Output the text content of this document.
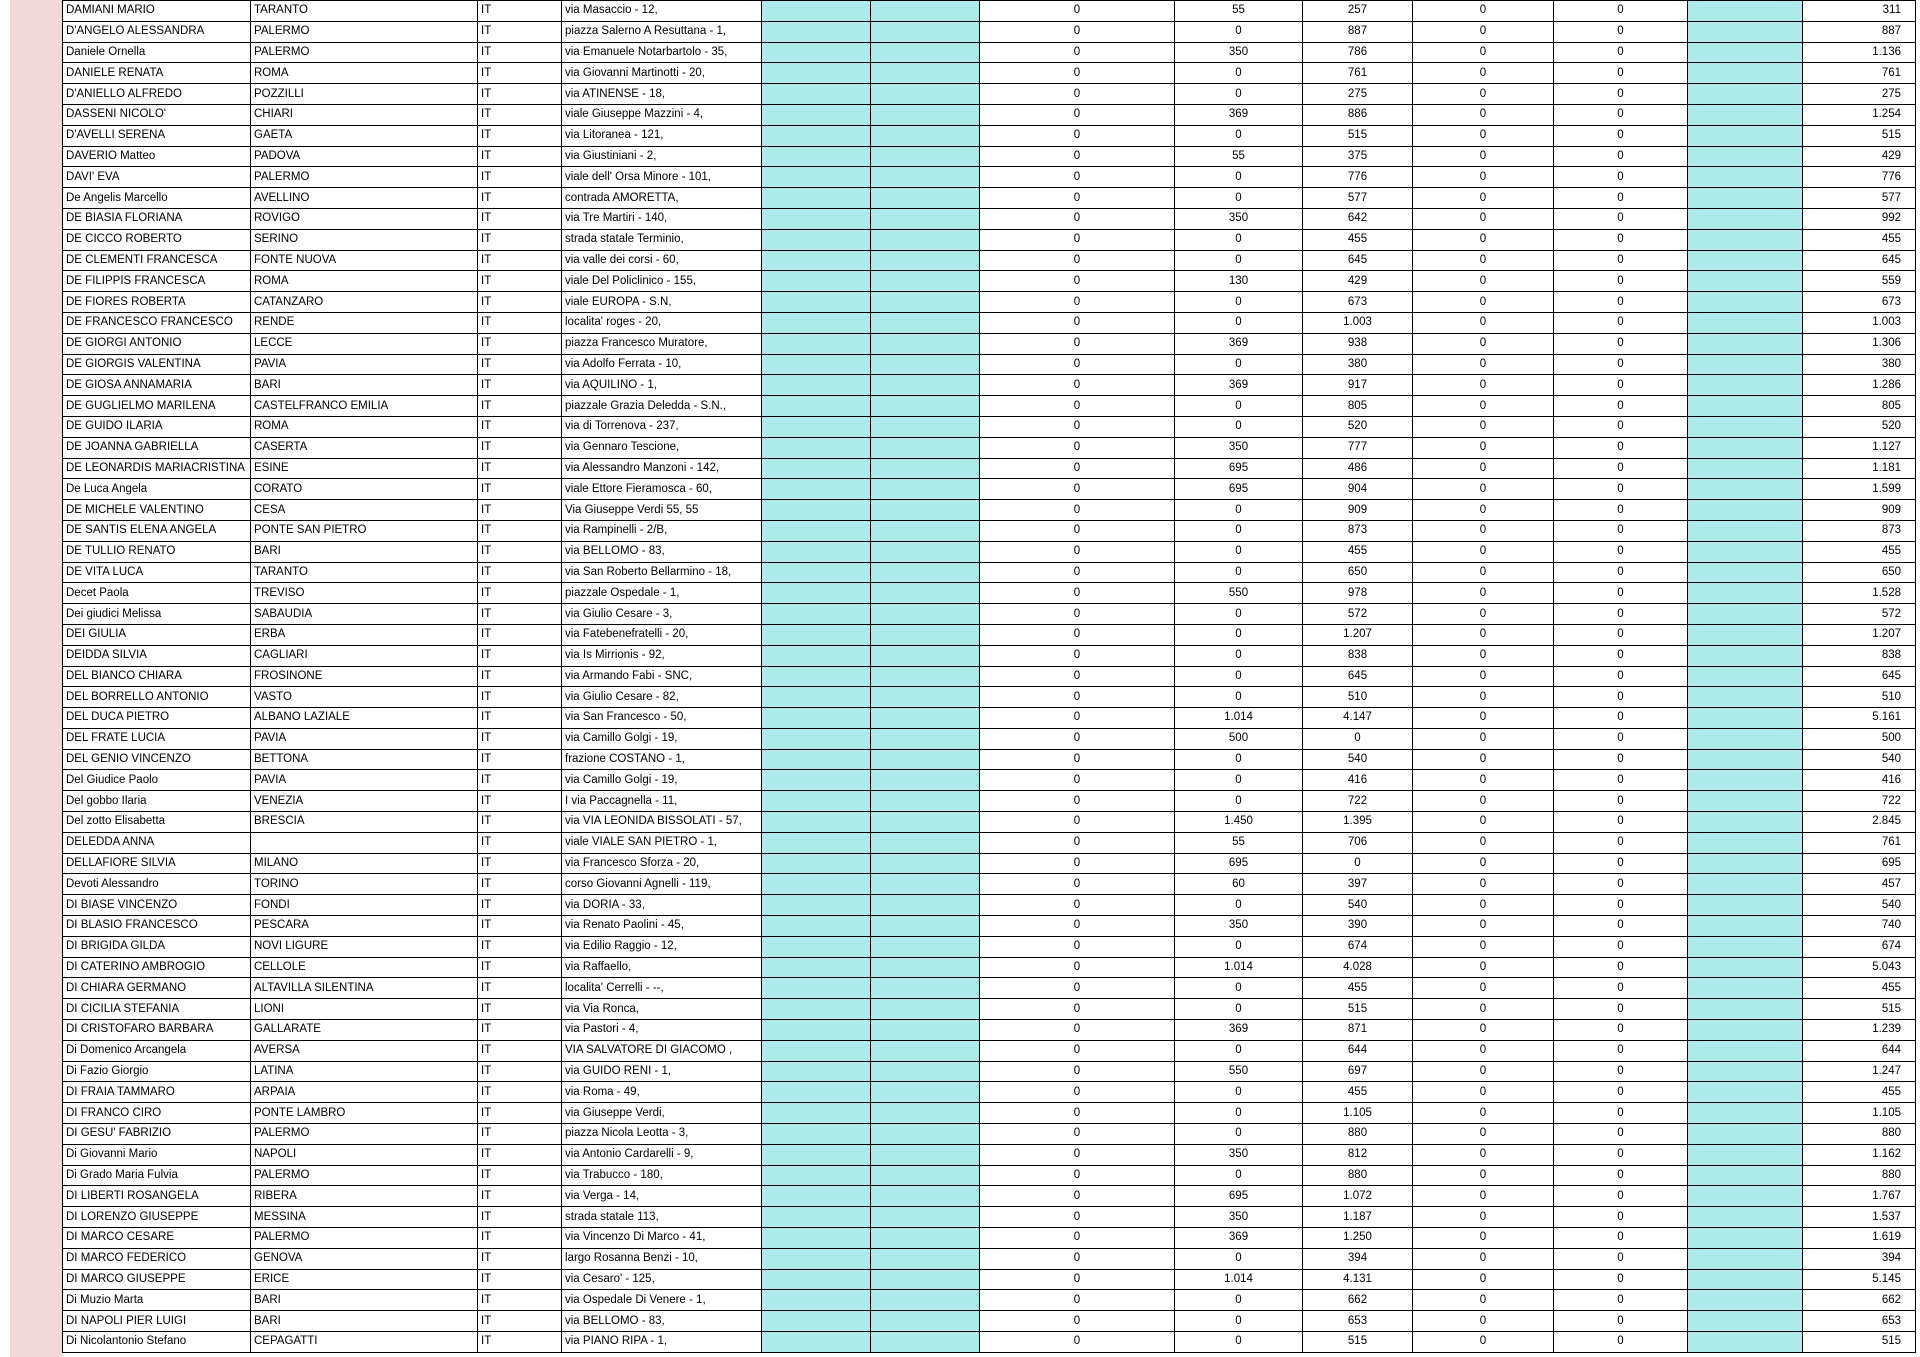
DAMIANI MARIO	TARANTO	IT	via Masaccio - 12,			0	55	257	0	0		311
D'ANGELO ALESSANDRA	PALERMO	IT	piazza Salerno A Resuttana - 1,			0	0	887	0	0		887
Daniele Ornella	PALERMO	IT	via Emanuele Notarbartolo - 35,			0	350	786	0	0		1.136
DANIELE RENATA	ROMA	IT	via Giovanni Martinotti - 20,			0	0	761	0	0		761
D'ANIELLO ALFREDO	POZZILLI	IT	via ATINENSE - 18,			0	0	275	0	0		275
DASSENI NICOLO'	CHIARI	IT	viale Giuseppe Mazzini - 4,			0	369	886	0	0		1.254
D'AVELLI SERENA	GAETA	IT	via Litoranea - 121,			0	0	515	0	0		515
DAVERIO Matteo	PADOVA	IT	via Giustiniani - 2,			0	55	375	0	0		429
DAVI' EVA	PALERMO	IT	viale dell' Orsa Minore - 101,			0	0	776	0	0		776
De Angelis Marcello	AVELLINO	IT	contrada AMORETTA,			0	0	577	0	0		577
DE BIASIA FLORIANA	ROVIGO	IT	via Tre Martiri - 140,			0	350	642	0	0		992
DE CICCO ROBERTO	SERINO	IT	strada statale Terminio,			0	0	455	0	0		455
DE CLEMENTI FRANCESCA	FONTE NUOVA	IT	via valle dei corsi - 60,			0	0	645	0	0		645
DE FILIPPIS FRANCESCA	ROMA	IT	viale Del Policlinico - 155,			0	130	429	0	0		559
DE FIORES ROBERTA	CATANZARO	IT	viale EUROPA - S.N,			0	0	673	0	0		673
DE FRANCESCO FRANCESCO	RENDE	IT	localita' roges - 20,			0	0	1.003	0	0		1.003
DE GIORGI ANTONIO	LECCE	IT	piazza Francesco Muratore,			0	369	938	0	0		1.306
DE GIORGIS VALENTINA	PAVIA	IT	via Adolfo Ferrata - 10,			0	0	380	0	0		380
DE GIOSA ANNAMARIA	BARI	IT	via AQUILINO - 1,			0	369	917	0	0		1.286
DE GUGLIELMO MARILENA	CASTELFRANCO EMILIA	IT	piazzale Grazia Deledda - S.N.,			0	0	805	0	0		805
DE GUIDO ILARIA	ROMA	IT	via di Torrenova - 237,			0	0	520	0	0		520
DE JOANNA GABRIELLA	CASERTA	IT	via Gennaro Tescione,			0	350	777	0	0		1.127
DE LEONARDIS MARIACRISTINA	ESINE	IT	via Alessandro Manzoni - 142,			0	695	486	0	0		1.181
De Luca Angela	CORATO	IT	viale Ettore Fieramosca - 60,			0	695	904	0	0		1.599
DE MICHELE VALENTINO	CESA	IT	Via Giuseppe Verdi 55, 55			0	0	909	0	0		909
DE SANTIS ELENA ANGELA	PONTE SAN PIETRO	IT	via Rampinelli - 2/B,			0	0	873	0	0		873
DE TULLIO RENATO	BARI	IT	via BELLOMO - 83,			0	0	455	0	0		455
DE VITA LUCA	TARANTO	IT	via San Roberto Bellarmino - 18,			0	0	650	0	0		650
Decet Paola	TREVISO	IT	piazzale Ospedale - 1,			0	550	978	0	0		1.528
Dei giudici Melissa	SABAUDIA	IT	via Giulio Cesare - 3,			0	0	572	0	0		572
DEI GIULIA	ERBA	IT	via Fatebenefratelli - 20,			0	0	1.207	0	0		1.207
DEIDDA SILVIA	CAGLIARI	IT	via Is Mirrionis - 92,			0	0	838	0	0		838
DEL BIANCO CHIARA	FROSINONE	IT	via Armando Fabi - SNC,			0	0	645	0	0		645
DEL BORRELLO ANTONIO	VASTO	IT	via Giulio Cesare - 82,			0	0	510	0	0		510
DEL DUCA PIETRO	ALBANO LAZIALE	IT	via San Francesco - 50,			0	1.014	4.147	0	0		5.161
DEL FRATE LUCIA	PAVIA	IT	via Camillo Golgi - 19,			0	500	0	0	0		500
DEL GENIO VINCENZO	BETTONA	IT	frazione COSTANO - 1,			0	0	540	0	0		540
Del Giudice Paolo	PAVIA	IT	via Camillo Golgi - 19,			0	0	416	0	0		416
Del gobbo Ilaria	VENEZIA	IT	I via Paccagnella - 11,			0	0	722	0	0		722
Del zotto Elisabetta	BRESCIA	IT	via VIA LEONIDA BISSOLATI - 57,			0	1.450	1.395	0	0		2.845
DELEDDA ANNA		IT	viale VIALE SAN PIETRO - 1,			0	55	706	0	0		761
DELLAFIORE SILVIA	MILANO	IT	via Francesco Sforza - 20,			0	695	0	0	0		695
Devoti Alessandro	TORINO	IT	corso Giovanni Agnelli - 119,			0	60	397	0	0		457
DI BIASE VINCENZO	FONDI	IT	via DORIA - 33,			0	0	540	0	0		540
DI BLASIO FRANCESCO	PESCARA	IT	via Renato Paolini - 45,			0	350	390	0	0		740
DI BRIGIDA GILDA	NOVI LIGURE	IT	via Edilio Raggio - 12,			0	0	674	0	0		674
DI CATERINO AMBROGIO	CELLOLE	IT	via Raffaello,			0	1.014	4.028	0	0		5.043
DI CHIARA GERMANO	ALTAVILLA SILENTINA	IT	localita' Cerrelli - --,			0	0	455	0	0		455
DI CICILIA STEFANIA	LIONI	IT	via Via Ronca,			0	0	515	0	0		515
DI CRISTOFARO BARBARA	GALLARATE	IT	via Pastori - 4,			0	369	871	0	0		1.239
Di Domenico Arcangela	AVERSA	IT	VIA SALVATORE DI GIACOMO ,			0	0	644	0	0		644
Di Fazio Giorgio	LATINA	IT	via GUIDO RENI - 1,			0	550	697	0	0		1.247
DI FRAIA TAMMARO	ARPAIA	IT	via Roma - 49,			0	0	455	0	0		455
DI FRANCO CIRO	PONTE LAMBRO	IT	via Giuseppe Verdi,			0	0	1.105	0	0		1.105
DI GESU' FABRIZIO	PALERMO	IT	piazza Nicola Leotta - 3,			0	0	880	0	0		880
Di Giovanni Mario	NAPOLI	IT	via Antonio Cardarelli - 9,			0	350	812	0	0		1.162
Di Grado Maria Fulvia	PALERMO	IT	via Trabucco - 180,			0	0	880	0	0		880
DI LIBERTI ROSANGELA	RIBERA	IT	via Verga - 14,			0	695	1.072	0	0		1.767
DI LORENZO GIUSEPPE	MESSINA	IT	strada statale 113,			0	350	1.187	0	0		1.537
DI MARCO CESARE	PALERMO	IT	via Vincenzo Di Marco - 41,			0	369	1.250	0	0		1.619
DI MARCO FEDERICO	GENOVA	IT	largo Rosanna Benzi - 10,			0	0	394	0	0		394
DI MARCO GIUSEPPE	ERICE	IT	via Cesaro' - 125,			0	1.014	4.131	0	0		5.145
Di Muzio Marta	BARI	IT	via Ospedale Di Venere - 1,			0	0	662	0	0		662
DI NAPOLI PIER LUIGI	BARI	IT	via BELLOMO - 83,			0	0	653	0	0		653
Di Nicolantonio Stefano	CEPAGATTI	IT	via PIANO RIPA - 1,			0	0	515	0	0		515
